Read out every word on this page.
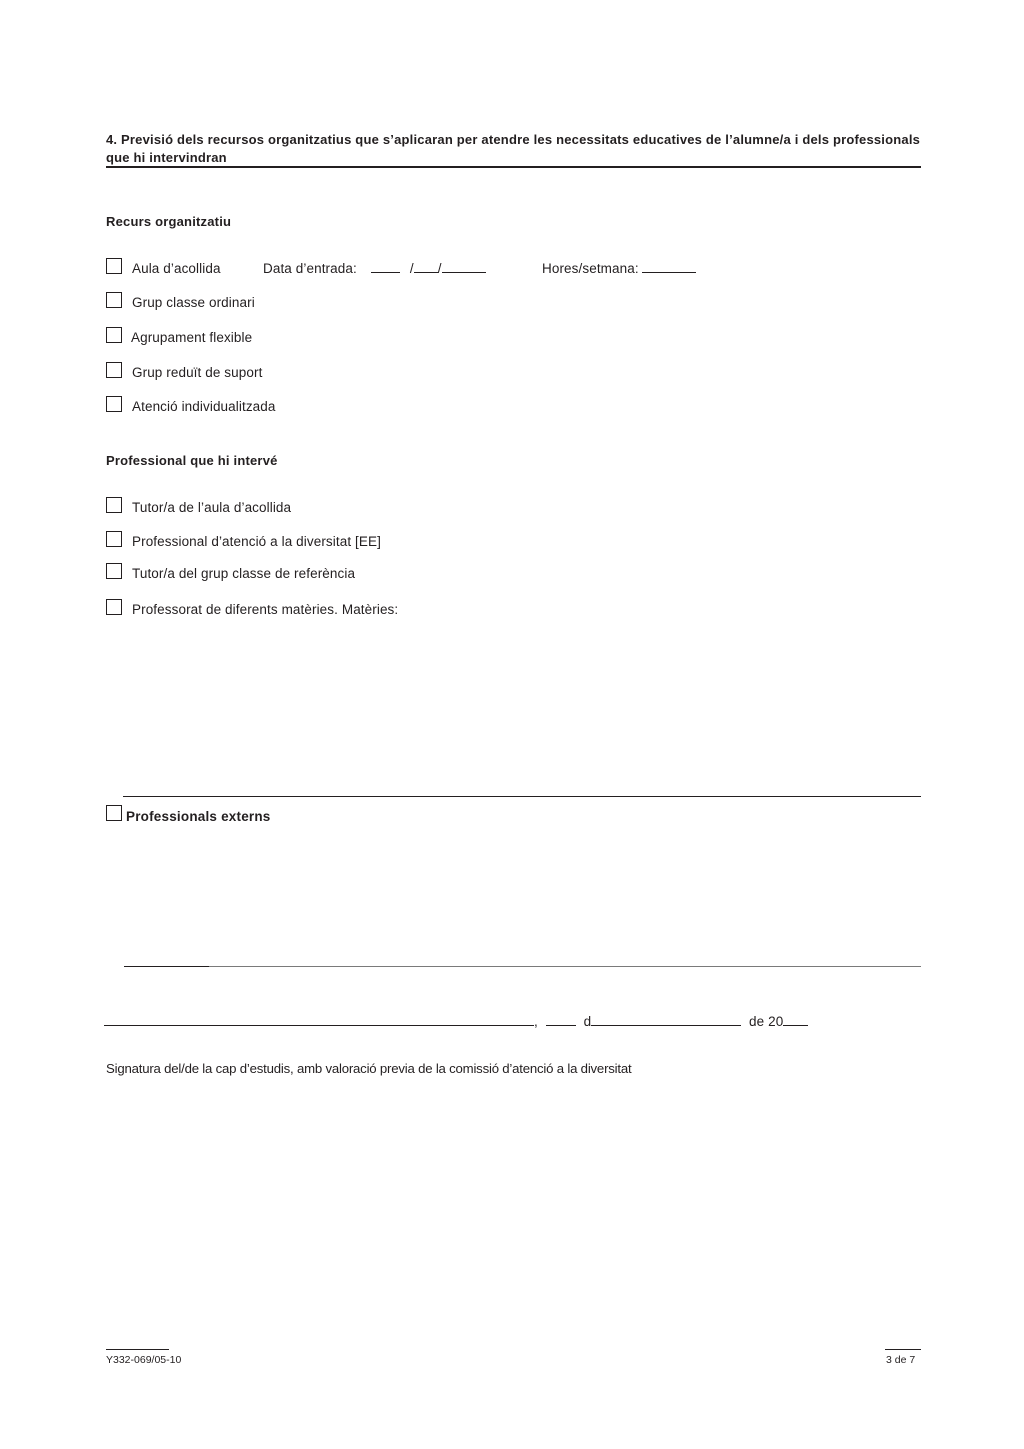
4. Previsió dels recursos organitzatius que s’aplicaran per atendre les necessitats educatives de l’alumne/a i dels professionals que hi intervindran
Recurs organitzatiu
Aula d’acollida	Data d’entrada:	/ /	Hores/setmana:
Grup classe ordinari
Agrupament flexible
Grup reduït de suport
Atenció individualitzada
Professional que hi intervé
Tutor/a de l’aula d’acollida
Professional d’atenció a la diversitat [EE]
Tutor/a del grup classe de referència
Professorat de diferents matèries. Matèries:
Professionals externs
,	d	de 20
Signatura del/de la cap d’estudis, amb valoració previa de la comissió d’atenció a la diversitat
Y332-069/05-10	3 de 7
